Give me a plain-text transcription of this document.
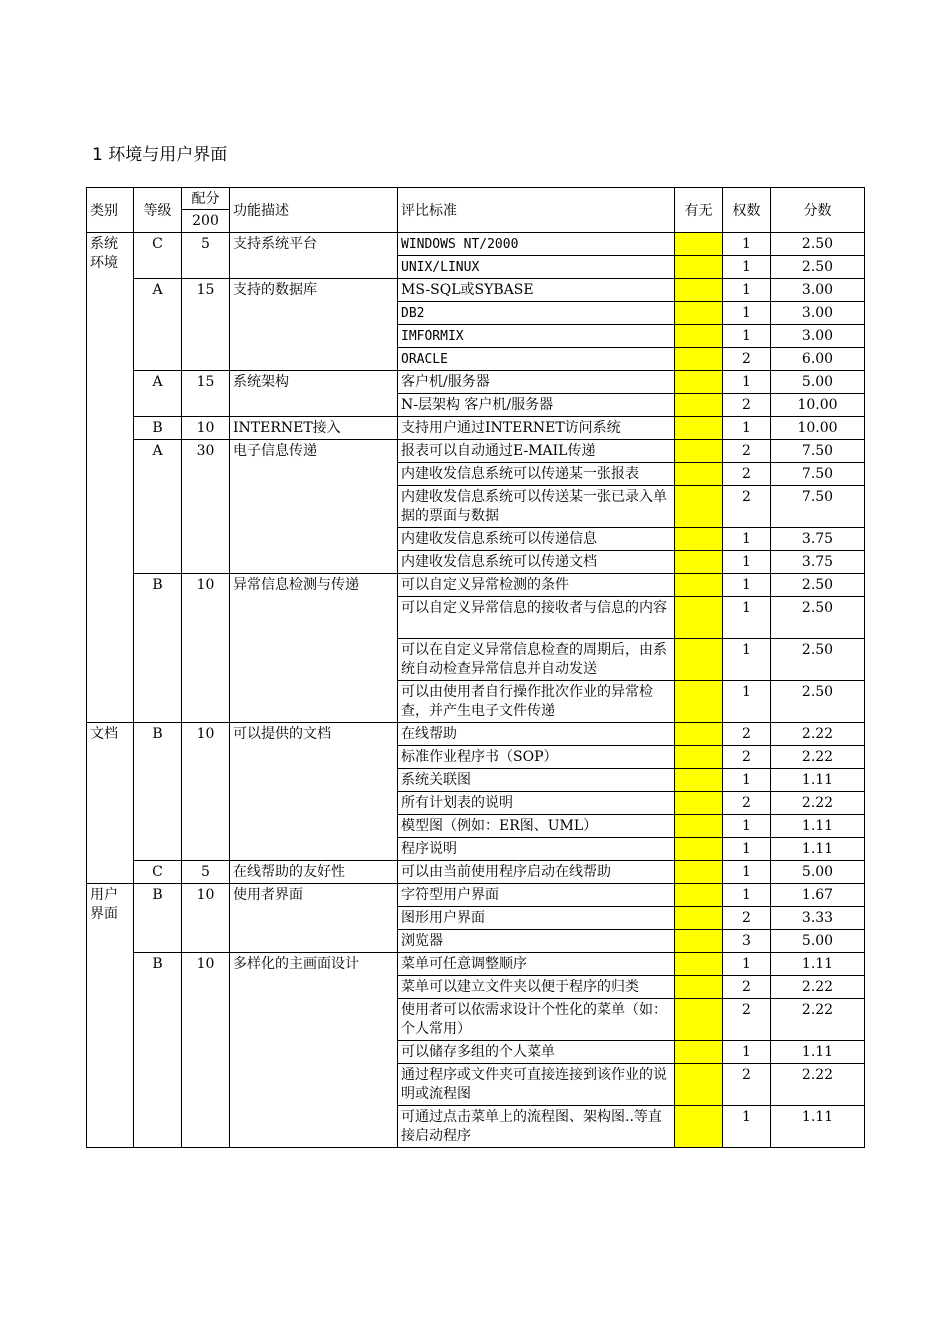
1 环境与用户界面
类别	等级	配分	功能描述	评比标准	有无	权数	分数
		200					
系统环境	C	5	支持系统平台	WINDOWS NT/2000		1	2.50
				UNIX/LINUX		1	2.50
	A	15	支持的数据库	MS-SQL或SYBASE		1	3.00
				DB2		1	3.00
				IMFORMIX		1	3.00
				ORACLE		2	6.00
	A	15	系统架构	客户机/服务器		1	5.00
				N-层架构 客户机/服务器		2	10.00
	B	10	INTERNET接入	支持用户通过INTERNET访问系统		1	10.00
	A	30	电子信息传递	报表可以自动通过E-MAIL传递		2	7.50
				内建收发信息系统可以传递某一张报表		2	7.50
				内建收发信息系统可以传送某一张已录入单据的票面与数据		2	7.50
				内建收发信息系统可以传递信息		1	3.75
				内建收发信息系统可以传递文档		1	3.75
	B	10	异常信息检测与传递	可以自定义异常检测的条件		1	2.50
				可以自定义异常信息的接收者与信息的内容		1	2.50
				可以在自定义异常信息检查的周期后，由系统自动检查异常信息并自动发送		1	2.50
				可以由使用者自行操作批次作业的异常检查，并产生电子文件传递		1	2.50
文档	B	10	可以提供的文档	在线帮助		2	2.22
				标准作业程序书（SOP）		2	2.22
				系统关联图		1	1.11
				所有计划表的说明		2	2.22
				模型图（例如：ER图、UML）		1	1.11
				程序说明		1	1.11
	C	5	在线帮助的友好性	可以由当前使用程序启动在线帮助		1	5.00
用户界面	B	10	使用者界面	字符型用户界面		1	1.67
				图形用户界面		2	3.33
				浏览器		3	5.00
	B	10	多样化的主画面设计	菜单可任意调整顺序		1	1.11
				菜单可以建立文件夹以便于程序的归类		2	2.22
				使用者可以依需求设计个性化的菜单（如：个人常用）		2	2.22
				可以储存多组的个人菜单		1	1.11
				通过程序或文件夹可直接连接到该作业的说明或流程图		2	2.22
				可通过点击菜单上的流程图、架构图..等直接启动程序		1	1.11
